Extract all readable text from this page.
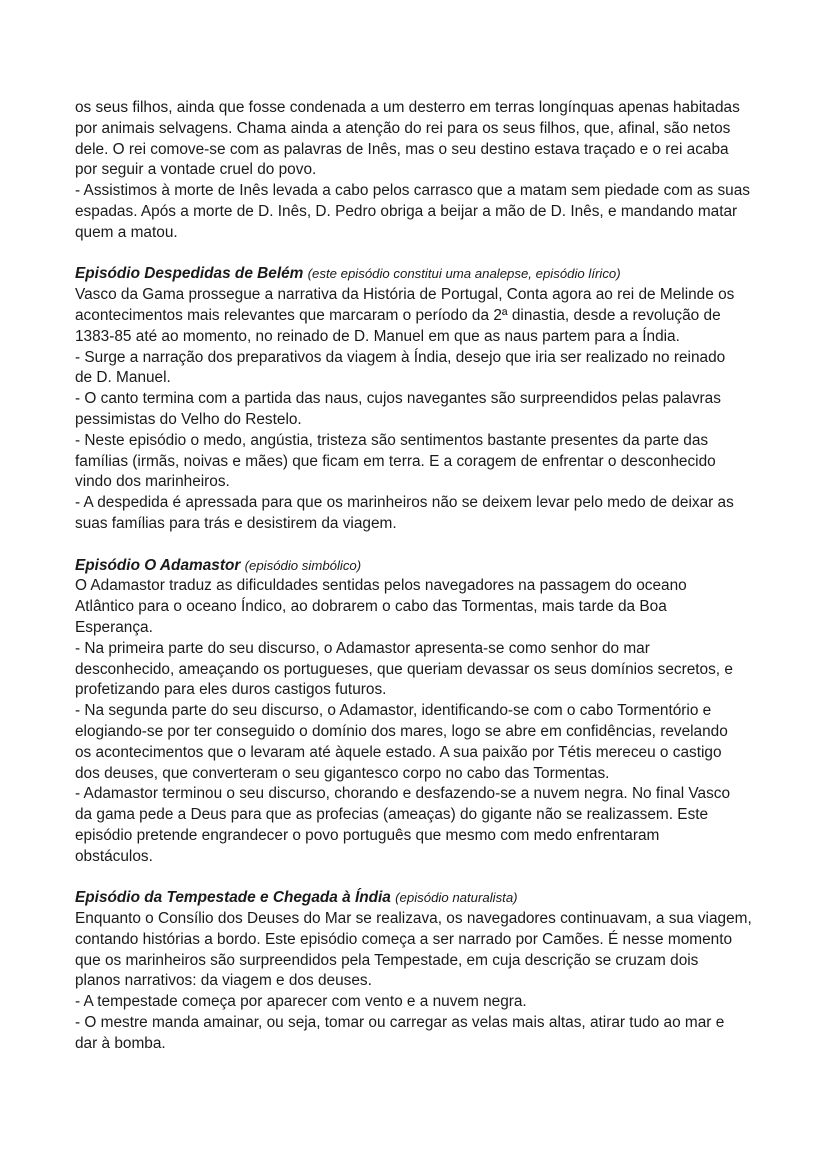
os seus filhos, ainda que fosse condenada a um desterro em terras longínquas apenas habitadas
por animais selvagens. Chama ainda a atenção do rei para os seus filhos, que, afinal, são netos
dele. O rei comove-se com as palavras de Inês, mas o seu destino estava traçado e o rei acaba
por seguir a vontade cruel do povo.
- Assistimos à morte de Inês levada a cabo pelos carrasco que a matam sem piedade com as suas
espadas. Após a morte de D. Inês, D. Pedro obriga a beijar a mão de D. Inês, e mandando matar
quem a matou.
Episódio Despedidas de Belém (este episódio constitui uma analepse, episódio lírico)
Vasco da Gama prossegue a narrativa da História de Portugal, Conta agora ao rei de Melinde os
acontecimentos mais relevantes que marcaram o período da 2ª dinastia, desde a revolução de
1383-85 até ao momento, no reinado de D. Manuel em que as naus partem para a Índia.
- Surge a narração dos preparativos da viagem à Índia, desejo que iria ser realizado no reinado
de D. Manuel.
- O canto termina com a partida das naus, cujos navegantes são surpreendidos pelas palavras
pessimistas do Velho do Restelo.
- Neste episódio o medo, angústia, tristeza são sentimentos bastante presentes da parte das
famílias (irmãs, noivas e mães) que ficam em terra. E a coragem de enfrentar o desconhecido
vindo dos marinheiros.
- A despedida é apressada para que os marinheiros não se deixem levar pelo medo de deixar as
suas famílias para trás e desistirem da viagem.
Episódio O Adamastor (episódio simbólico)
O Adamastor traduz as dificuldades sentidas pelos navegadores na passagem do oceano
Atlântico para o oceano Índico, ao dobrarem o cabo das Tormentas, mais tarde da Boa
Esperança.
- Na primeira parte do seu discurso, o Adamastor apresenta-se como senhor do mar
desconhecido, ameaçando os portugueses, que queriam devassar os seus domínios secretos, e
profetizando para eles duros castigos futuros.
- Na segunda parte do seu discurso, o Adamastor, identificando-se com o cabo Tormentório e
elogiando-se por ter conseguido o domínio dos mares, logo se abre em confidências, revelando
os acontecimentos que o levaram até àquele estado. A sua paixão por Tétis mereceu o castigo
dos deuses, que converteram o seu gigantesco corpo no cabo das Tormentas.
- Adamastor terminou o seu discurso, chorando e desfazendo-se a nuvem negra. No final Vasco
da gama pede a Deus para que as profecias (ameaças) do gigante não se realizassem. Este
episódio pretende engrandecer o povo português que mesmo com medo enfrentaram
obstáculos.
Episódio da Tempestade e Chegada à Índia (episódio naturalista)
Enquanto o Consílio dos Deuses do Mar se realizava, os navegadores continuavam, a sua viagem,
contando histórias a bordo. Este episódio começa a ser narrado por Camões. É nesse momento
que os marinheiros são surpreendidos pela Tempestade, em cuja descrição se cruzam dois
planos narrativos: da viagem e dos deuses.
- A tempestade começa por aparecer com vento e a nuvem negra.
- O mestre manda amainar, ou seja, tomar ou carregar as velas mais altas, atirar tudo ao mar e
dar à bomba.
